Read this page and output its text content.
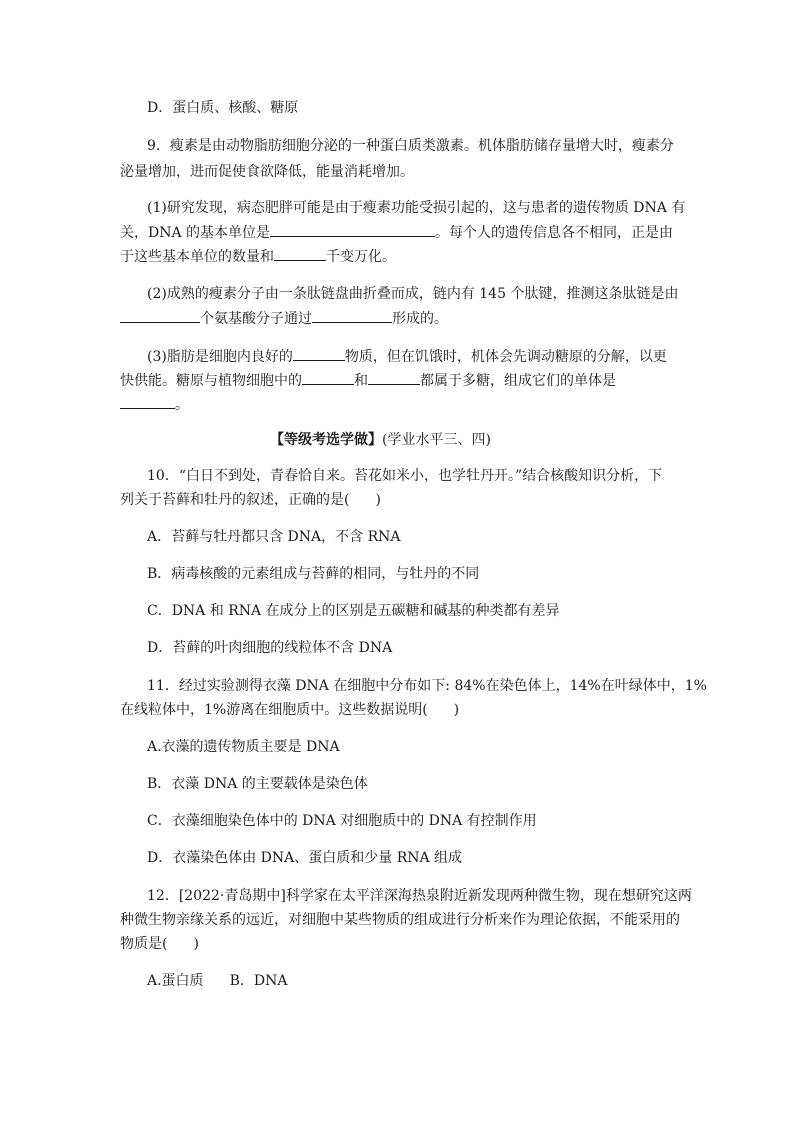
D．蛋白质、核酸、糖原
9．瘦素是由动物脂肪细胞分泌的一种蛋白质类激素。机体脂肪储存量增大时，瘦素分
泌量增加，进而促使食欲降低，能量消耗增加。
(1)研究发现，病态肥胖可能是由于瘦素功能受损引起的，这与患者的遗传物质 DNA 有
关，DNA 的基本单位是	。每个人的遗传信息各不相同，正是由
于这些基本单位的数量和	千变万化。
(2)成熟的瘦素分子由一条肽链盘曲折叠而成，链内有 145 个肽键，推测这条肽链是由
个氨基酸分子通过	形成的。
(3)脂肪是细胞内良好的	物质，但在饥饿时，机体会先调动糖原的分解，以更
快供能。糖原与植物细胞中的	和	都属于多糖，组成它们的单体是
。
【等级考选学做】(学业水平三、四)
10．“白日不到处，青春恰自来。苔花如米小，也学牡丹开。”结合核酸知识分析，下
列关于苔藓和牡丹的叙述，正确的是( )
A．苔藓与牡丹都只含 DNA，不含 RNA
B．病毒核酸的元素组成与苔藓的相同，与牡丹的不同
C．DNA 和 RNA 在成分上的区别是五碳糖和碱基的种类都有差异
D．苔藓的叶肉细胞的线粒体不含 DNA
11．经过实验测得衣藻 DNA 在细胞中分布如下: 84%在染色体上，14%在叶绿体中，1%
在线粒体中，1%游离在细胞质中。这些数据说明( )
A.衣藻的遗传物质主要是 DNA
B．衣藻 DNA 的主要载体是染色体
C．衣藻细胞染色体中的 DNA 对细胞质中的 DNA 有控制作用
D．衣藻染色体由 DNA、蛋白质和少量 RNA 组成
12．[2022·青岛期中]科学家在太平洋深海热泉附近新发现两种微生物，现在想研究这两
种微生物亲缘关系的远近，对细胞中某些物质的组成进行分析来作为理论依据，不能采用的
物质是( )
A.蛋白质 B．DNA
